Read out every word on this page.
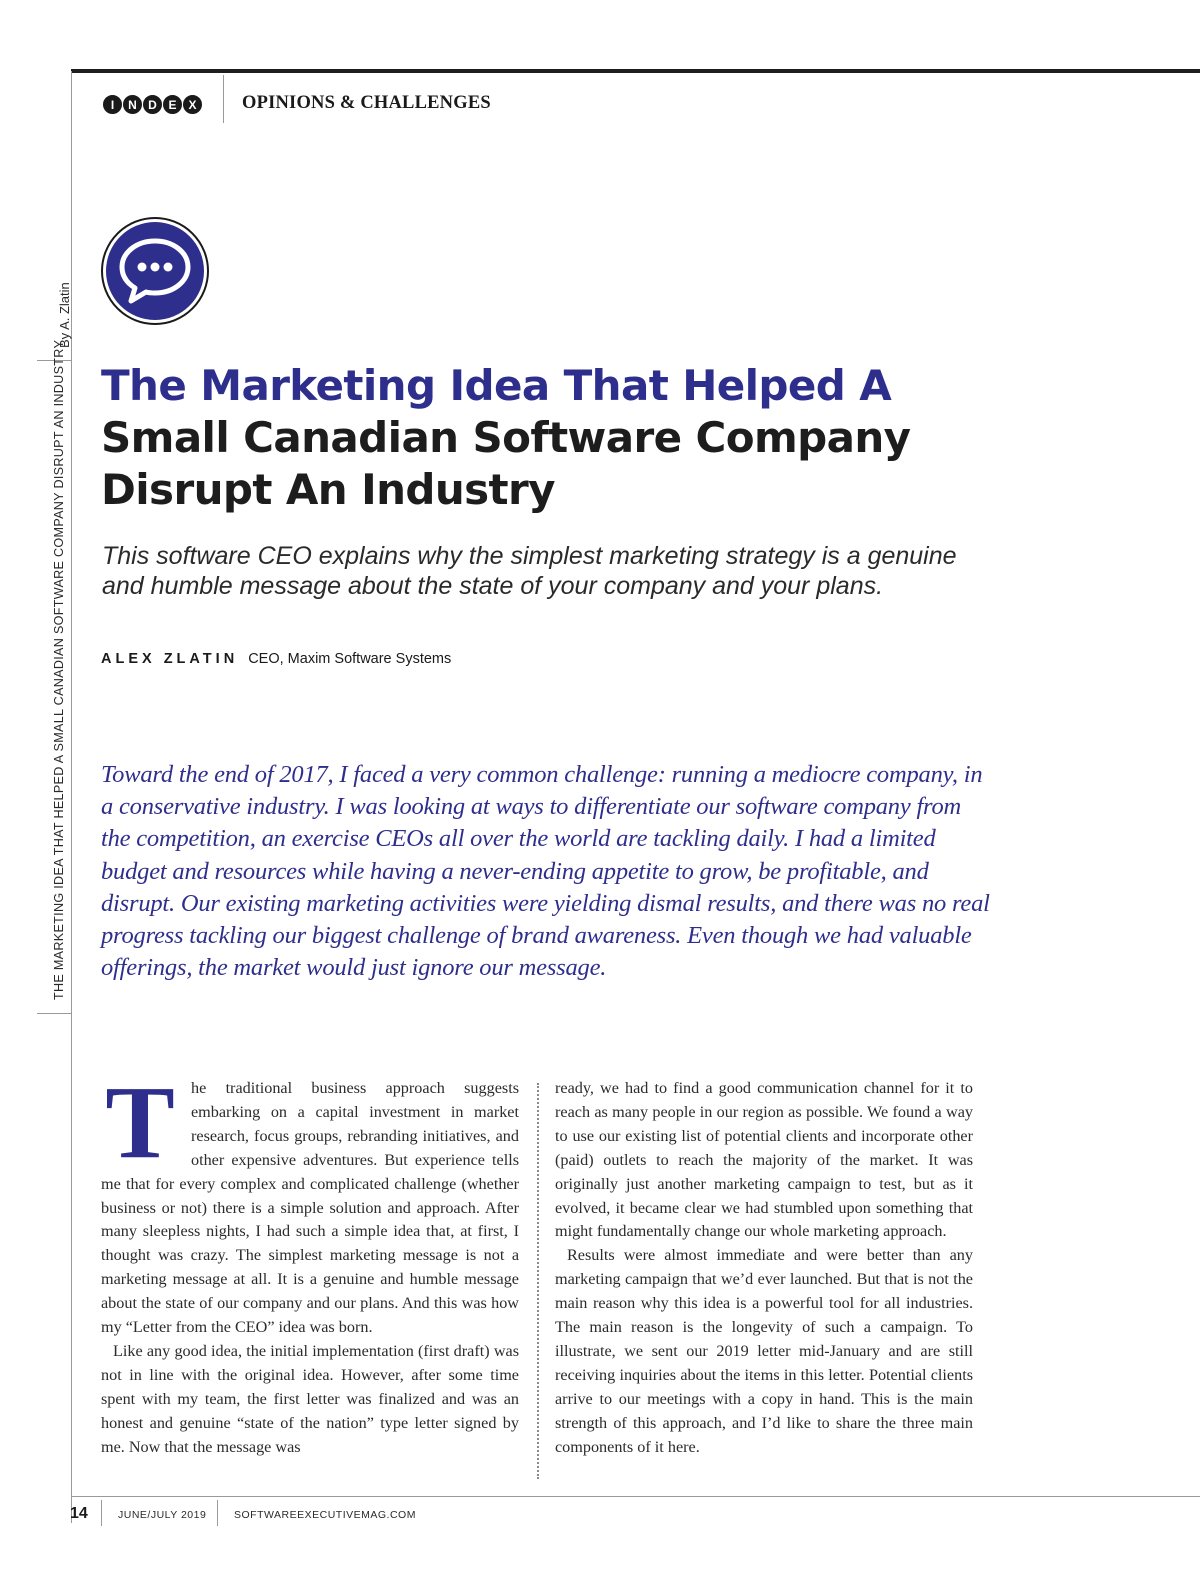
I	N D E X	OPINIONS & CHALLENGES
By A. Zlatin
THE MARKETING IDEA THAT HELPED A SMALL CANADIAN SOFTWARE COMPANY DISRUPT AN INDUSTRY The Marketing Idea That Helped A
Small Canadian Software Company
Disrupt An Industry

This software CEO explains why the simplest marketing strategy is a genuine and humble message about the state of your company and your plans.

ALEX ZLATIN CEO, Maxim Software Systems

Toward the end of 2017, I faced a very common challenge: running a mediocre company, in a conservative industry. I was looking at ways to differentiate our software company from the competition, an exercise CEOs all over the world are tackling daily. I had a limited budget and resources while having a never-ending appetite to grow, be profitable, and disrupt. Our existing marketing activities were yielding dismal results, and there was no real progress tackling our biggest challenge of brand awareness. Even though we had valuable offerings, the market would just ignore our message.

T	he traditional business approach suggests embarking on a capital investment in market research, focus groups, rebranding initiatives, and other expensive adventures. But experience tells me that for every complex and complicated challenge (whether business or not) there is a simple solution and approach. After many sleepless nights, I had such a simple idea that, at first, I thought was crazy. The simplest marketing message is not a marketing message at all. It is a genuine and humble message about the state of our company and our plans. And this was how my “Letter from the CEO” idea was born.

Like any good idea, the initial implementation (first draft) was not in line with the original idea. However, after some time spent with my team, the first letter was finalized and was an honest and genuine “state of the nation” type letter signed by me. Now that the message was

ready, we had to find a good communication channel for it to reach as many people in our region as possible. We found a way to use our existing list of potential clients and incorporate other (paid) outlets to reach the majority of the market. It was originally just another marketing campaign to test, but as it evolved, it became clear we had stumbled upon something that might fundamentally change our whole marketing approach.

Results were almost immediate and were better than any marketing campaign that we’d ever launched. But that is not the main reason why this idea is a powerful tool for all industries. The main reason is the longevity of such a campaign. To illustrate, we sent our 2019 letter mid-January and are still receiving inquiries about the items in this letter. Potential clients arrive to our meetings with a copy in hand. This is the main strength of this approach, and I’d like to share the three main components of it here.

14	JUNE/JULY 2019	SOFTWAREEXECUTIVEMAG.COM
